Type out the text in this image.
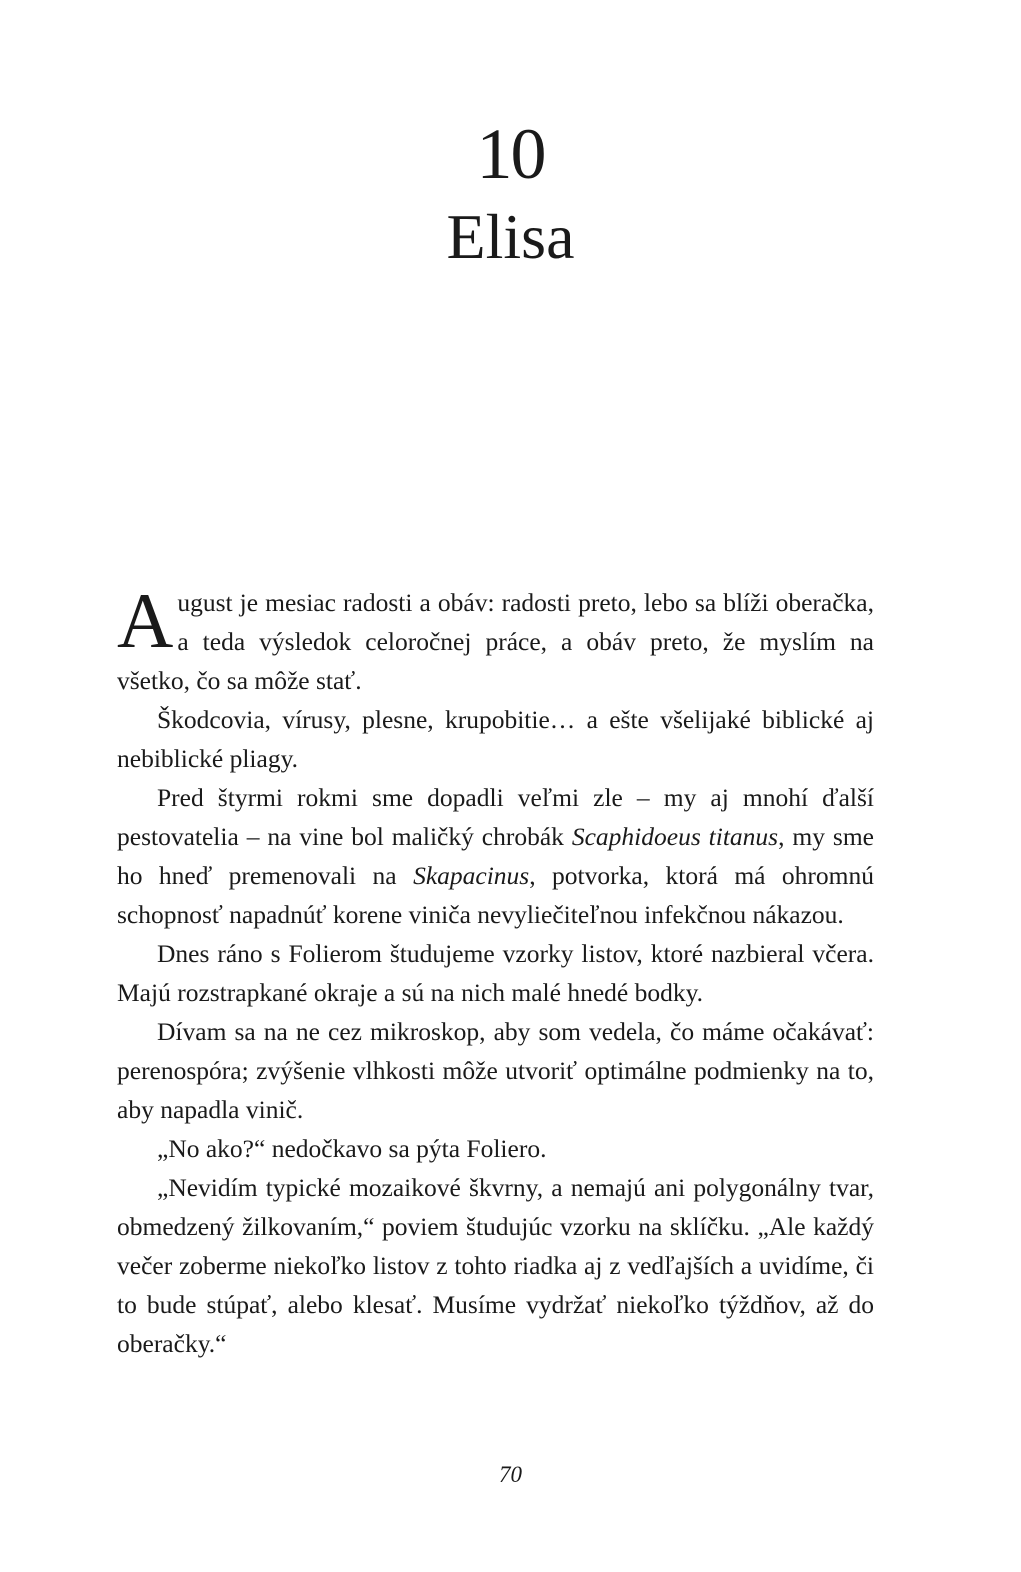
10
Elisa

August je mesiac radosti a obáv: radosti preto, lebo sa blíži oberačka, a teda výsledok celoročnej práce, a obáv preto, že myslím na všetko, čo sa môže stať.

Škodcovia, vírusy, plesne, krupobitie… a ešte všelijaké biblické aj nebiblické pliagy.

Pred štyrmi rokmi sme dopadli veľmi zle – my aj mnohí ďalší pestovatelia – na vine bol maličký chrobák Scaphidoeus titanus, my sme ho hneď premenovali na Skapacinus, potvorka, ktorá má ohromnú schopnosť napadnúť korene viniča nevyliečiteľnou infekčnou nákazou.

Dnes ráno s Folierom študujeme vzorky listov, ktoré nazbieral včera. Majú rozstrapkané okraje a sú na nich malé hnedé bodky.

Dívam sa na ne cez mikroskop, aby som vedela, čo máme očakávať: perenospóra; zvýšenie vlhkosti môže utvoriť optimálne podmienky na to, aby napadla vinič.

„No ako?“ nedočkavo sa pýta Foliero.

„Nevidím typické mozaikové škvrny, a nemajú ani polygonálny tvar, obmedzený žilkovaním,“ poviem študujúc vzorku na sklíčku. „Ale každý večer zoberme niekoľko listov z tohto riadka aj z vedľajších a uvidíme, či to bude stúpať, alebo klesať. Musíme vydržať niekoľko týždňov, až do oberačky.“

70
